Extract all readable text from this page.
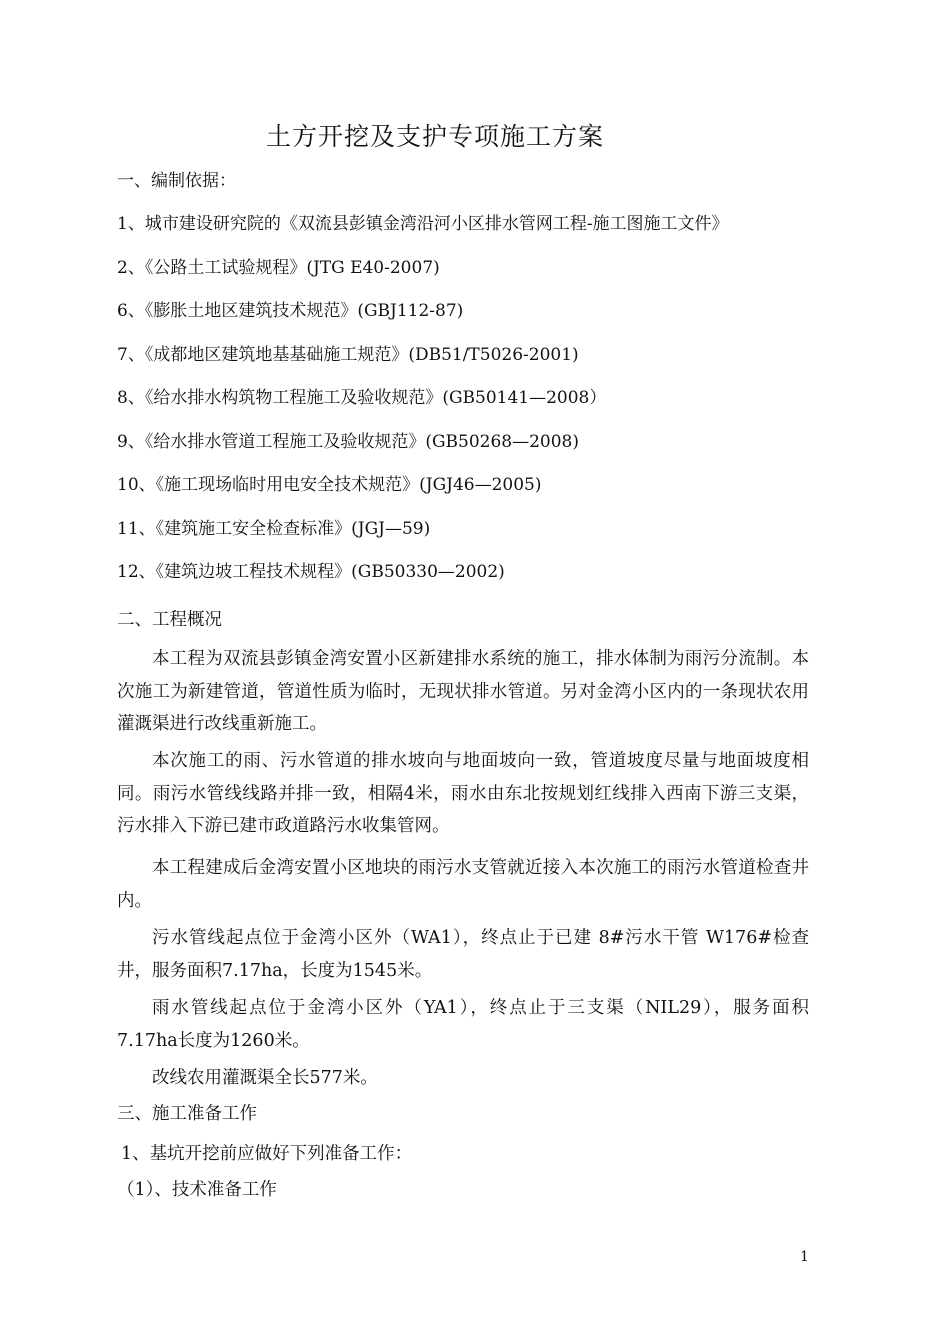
土方开挖及支护专项施工方案
一、编制依据：
1、城市建设研究院的《双流县彭镇金湾沿河小区排水管网工程-施工图施工文件》
2、《公路土工试验规程》(JTG E40-2007)
6、《膨胀土地区建筑技术规范》(GBJ112-87)
7、《成都地区建筑地基基础施工规范》(DB51/T5026-2001)
8、《给水排水构筑物工程施工及验收规范》(GB50141—2008）
9、《给水排水管道工程施工及验收规范》(GB50268—2008)
10、《施工现场临时用电安全技术规范》(JGJ46—2005)
11、《建筑施工安全检查标准》(JGJ—59)
12、《建筑边坡工程技术规程》(GB50330—2002)
二、工程概况

本工程为双流县彭镇金湾安置小区新建排水系统的施工，排水体制为雨污分流制。本次施工为新建管道，管道性质为临时，无现状排水管道。另对金湾小区内的一条现状农用灌溉渠进行改线重新施工。

本次施工的雨、污水管道的排水坡向与地面坡向一致，管道坡度尽量与地面坡度相同。雨污水管线线路并排一致，相隔4米，雨水由东北按规划红线排入西南下游三支渠，污水排入下游已建市政道路污水收集管网。

本工程建成后金湾安置小区地块的雨污水支管就近接入本次施工的雨污水管道检查井内。

污水管线起点位于金湾小区外（WA1），终点止于已建 8#污水干管 W176#检查井，服务面积7.17ha，长度为1545米。

雨水管线起点位于金湾小区外（YA1），终点止于三支渠（NIL29），服务面积7.17ha长度为1260米。

改线农用灌溉渠全长577米。

三、施工准备工作
1、基坑开挖前应做好下列准备工作：
（1）、技术准备工作
1
